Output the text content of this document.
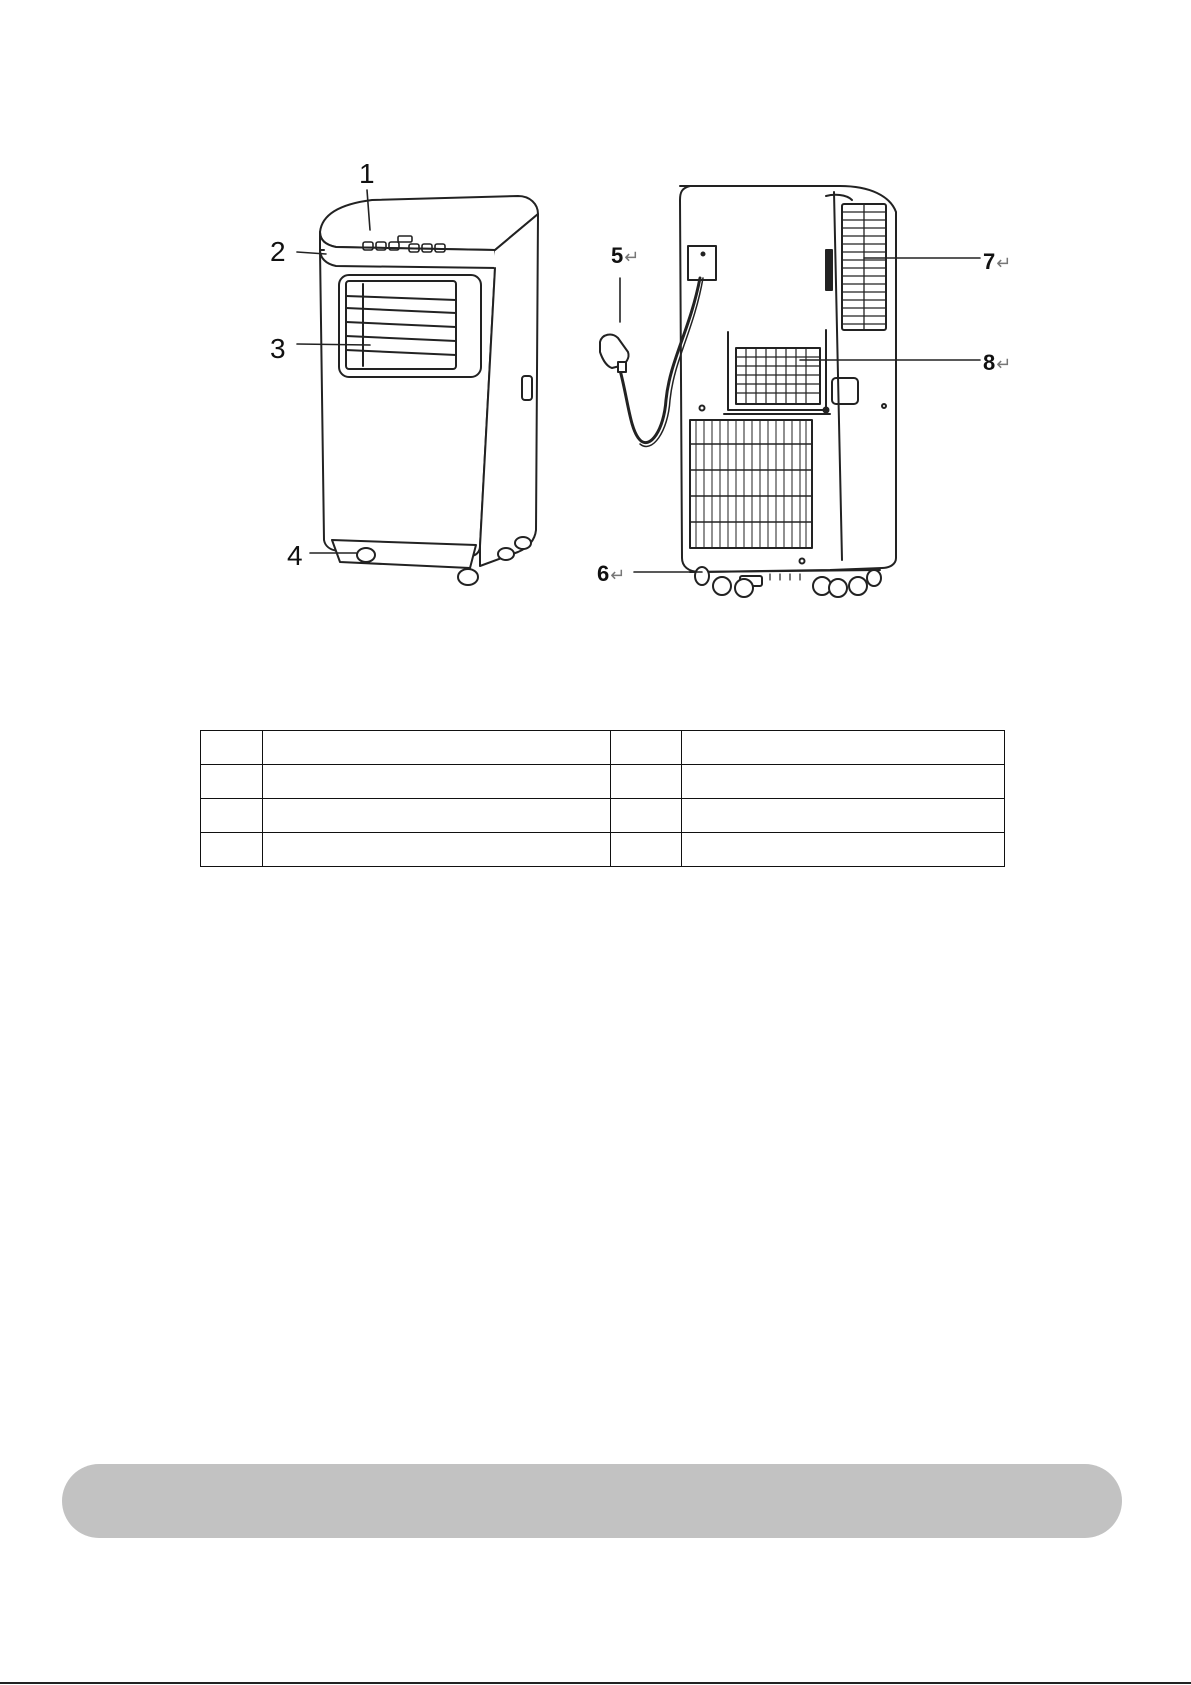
1
2
3
4
5↵
6↵
7↵
8↵
